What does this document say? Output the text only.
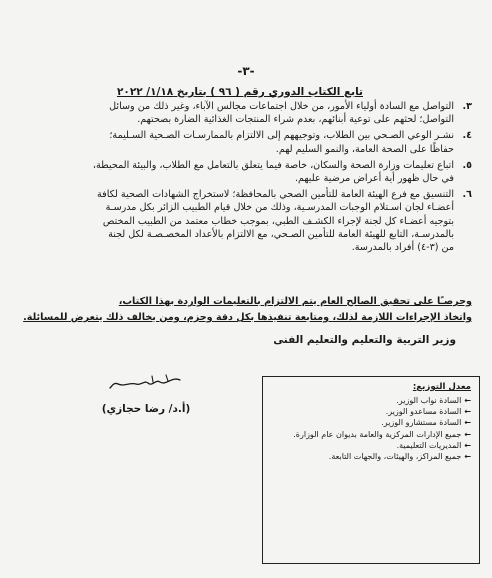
-٣-
تابع الكتاب الدوري رقم ( ٩٦ ) بتاريخ ١/١٨/ ٢٠٢٢
٣.
التواصل مع السادة أولياء الأمور، من خلال اجتماعات مجالس الآباء، وغير ذلك من وسائل
التواصل؛ لحثهم على توعية أبنائهم، بعدم شراء المنتجات الغذائية الضارة بصحتهم.
٤.
نشـر الوعي الصـحي بين الطلاب، وتوجيههم إلى الالتزام بالممارسـات الصـحية السـليمة؛
حفاظًا على الصحة العامة، والنمو السليم لهم.
٥.
اتباع تعليمات وزارة الصحة والسكان، خاصة فيما يتعلق بالتعامل مع الطلاب، والبيئة المحيطة،
في حال ظهور أية أعراض مرضية عليهم.
٦.
التنسيق مع فرع الهيئة العامة للتأمين الصحي بالمحافظة؛ لاستخراج الشهادات الصحية لكافة
أعضـاء لجان اسـتلام الوجبات المدرسـية، وذلك من خلال قيام الطبيب الزائر بكل مدرسـة
بتوجيه أعضـاء كل لجنة لإجراء الكشـف الطبي، بموجب خطاب معتمد من الطبيب المختص
بالمدرسـة، التابع للهيئة العامة للتأمين الصـحي، مع الالتزام بالأعداد المخصـصـة لكل لجنة
من (٣-٤) أفراد بالمدرسة.
وحرصـًا على تحقيق الصالح العام يتم الالتزام بالتعليمات الواردة بهذا الكتاب،
واتخاذ الإجراءات اللازمة لذلك، ومتابعة تنفيذها بكل دقة وحزم، ومن يخالف ذلك يتعرض للمسائلة.
وزير التربية والتعليم والتعليم الفنى
(أ.د/ رضا حجازي)
معدل التوزيع:
←السادة نواب الوزير.
←السادة مساعدو الوزير.
←السادة مستشارو الوزير.
←جميع الإدارات المركزية والعامة بديوان عام الوزارة.
←المديريات التعليمية.
←جميع المراكز، والهيئات، والجهات التابعة.
